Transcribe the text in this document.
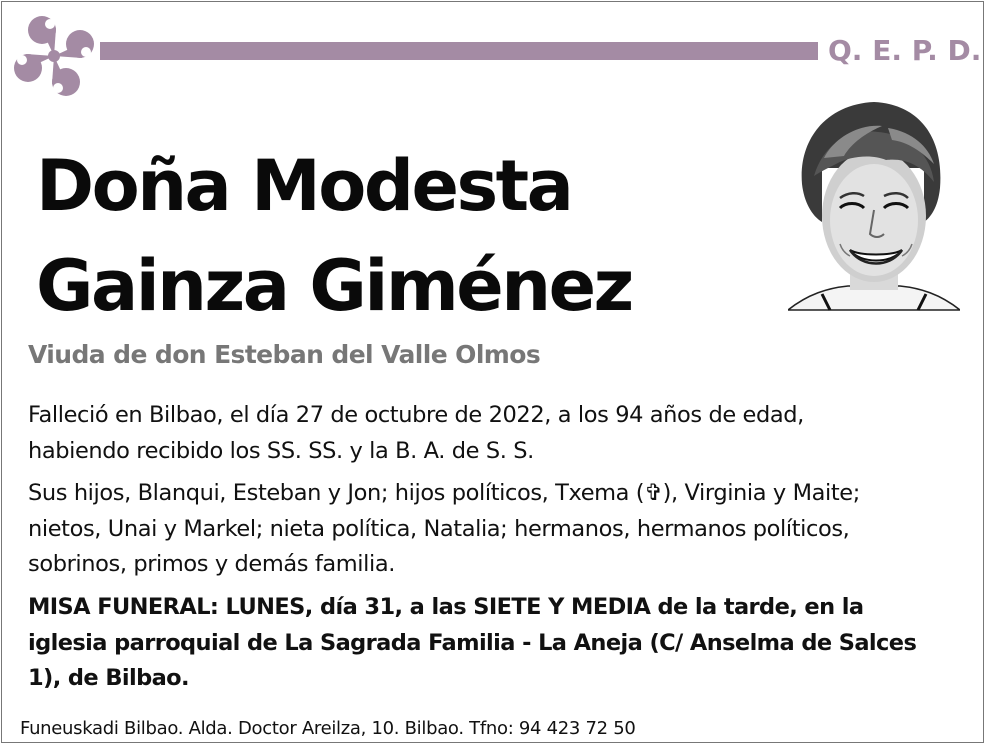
Q. E. P. D.
Doña Modesta
Gainza Giménez
Viuda de don Esteban del Valle Olmos
Falleció en Bilbao, el día 27 de octubre de 2022, a los 94 años de edad,
habiendo recibido los SS. SS. y la B. A. de S. S.
Sus hijos, Blanqui, Esteban y Jon; hijos políticos, Txema (✞), Virginia y Maite;
nietos, Unai y Markel; nieta política, Natalia; hermanos, hermanos políticos,
sobrinos, primos y demás familia.
MISA FUNERAL: LUNES, día 31, a las SIETE Y MEDIA de la tarde, en la
iglesia parroquial de La Sagrada Familia - La Aneja (C/ Anselma de Salces
1), de Bilbao.
Funeuskadi Bilbao. Alda. Doctor Areilza, 10. Bilbao. Tfno: 94 423 72 50
